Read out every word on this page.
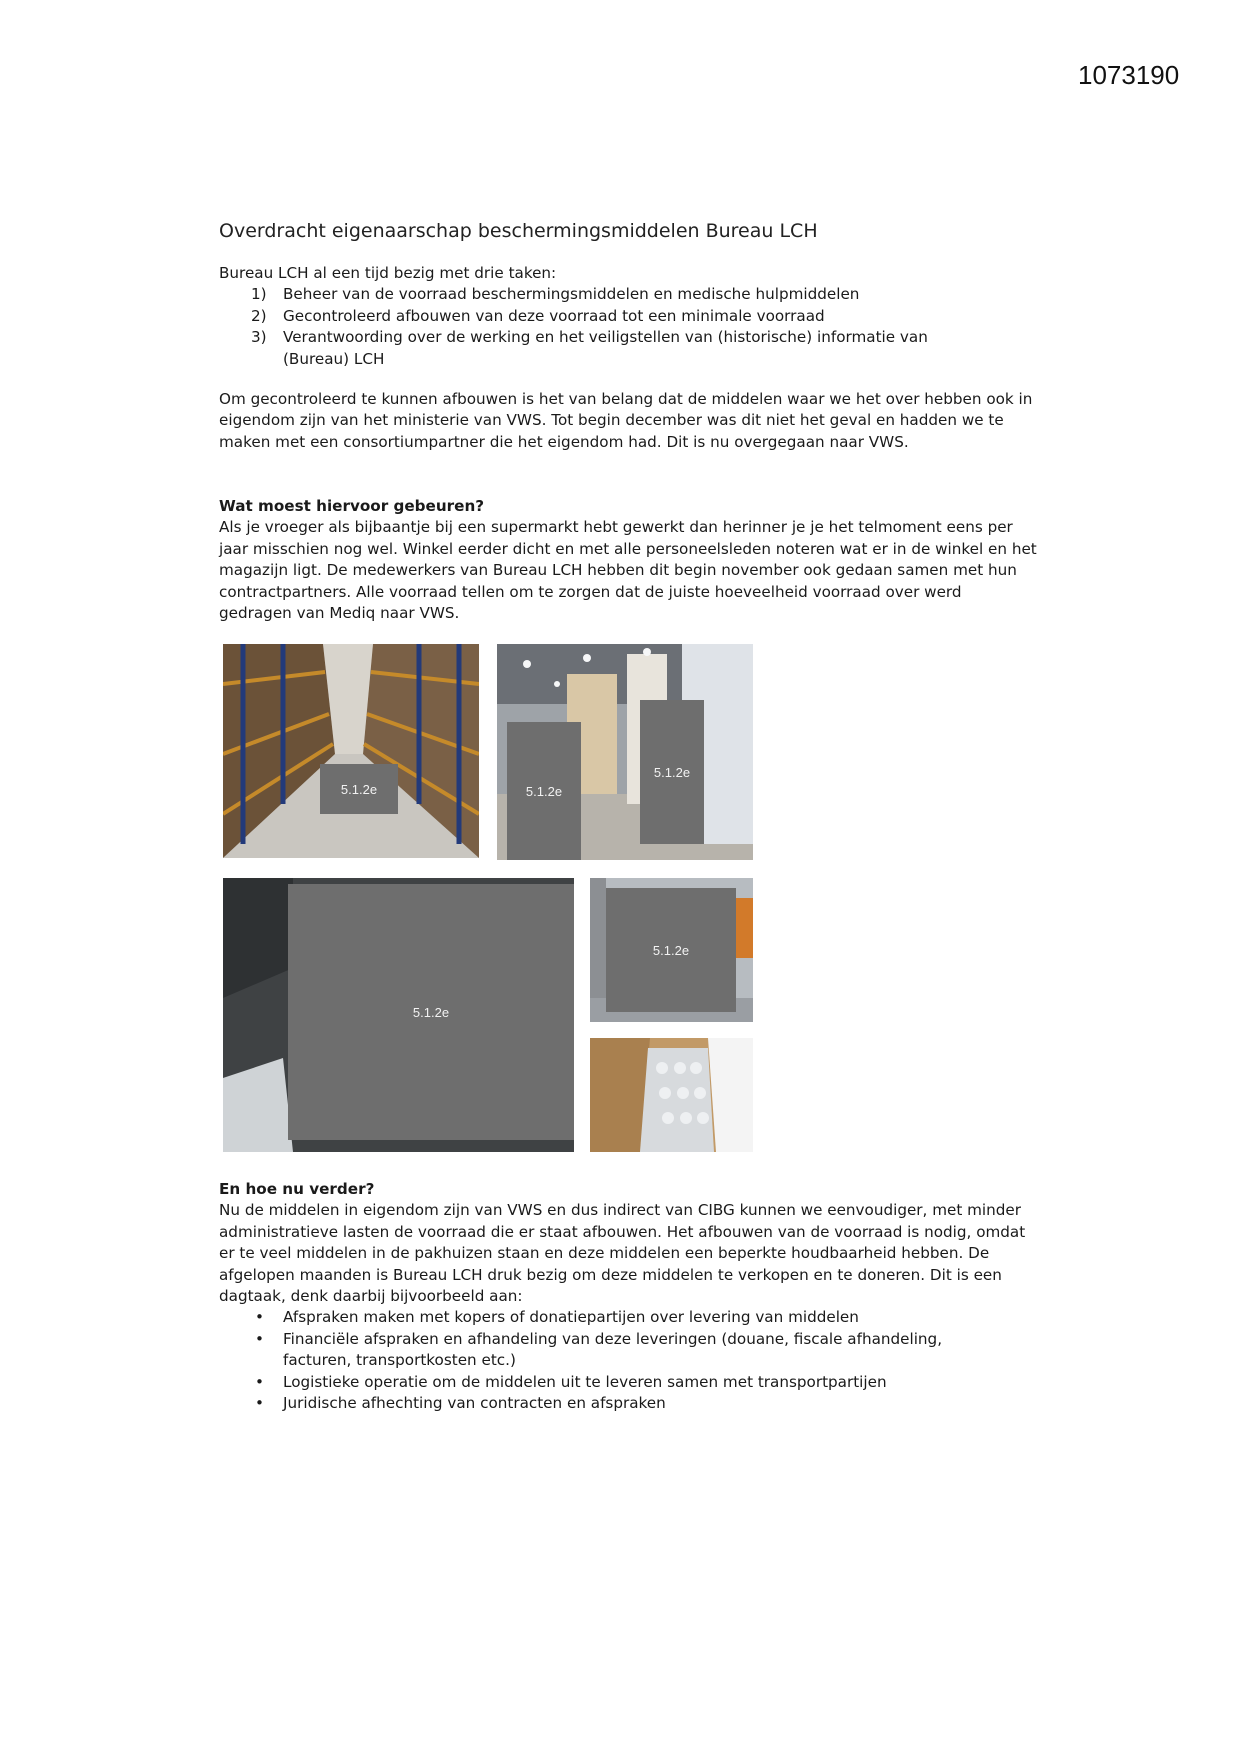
1073190
Overdracht eigenaarschap beschermingsmiddelen Bureau LCH

Bureau LCH al een tijd bezig met drie taken:

1) Beheer van de voorraad beschermingsmiddelen en medische hulpmiddelen
2) Gecontroleerd afbouwen van deze voorraad tot een minimale voorraad
3) Verantwoording over de werking en het veiligstellen van (historische) informatie van (Bureau) LCH

Om gecontroleerd te kunnen afbouwen is het van belang dat de middelen waar we het over hebben ook in eigendom zijn van het ministerie van VWS. Tot begin december was dit niet het geval en hadden we te maken met een consortiumpartner die het eigendom had. Dit is nu overgegaan naar VWS.

Wat moest hiervoor gebeuren?

Als je vroeger als bijbaantje bij een supermarkt hebt gewerkt dan herinner je je het telmoment eens per jaar misschien nog wel. Winkel eerder dicht en met alle personeelsleden noteren wat er in de winkel en het magazijn ligt. De medewerkers van Bureau LCH hebben dit begin november ook gedaan samen met hun contractpartners. Alle voorraad tellen om te zorgen dat de juiste hoeveelheid voorraad over werd gedragen van Mediq naar VWS.

5.1.2e	5.1.2e
5.1.2e
5.1.2e
5.1.2e

En hoe nu verder?

Nu de middelen in eigendom zijn van VWS en dus indirect van CIBG kunnen we eenvoudiger, met minder administratieve lasten de voorraad die er staat afbouwen. Het afbouwen van de voorraad is nodig, omdat er te veel middelen in de pakhuizen staan en deze middelen een beperkte houdbaarheid hebben. De afgelopen maanden is Bureau LCH druk bezig om deze middelen te verkopen en te doneren. Dit is een dagtaak, denk daarbij bijvoorbeeld aan:

• Afspraken maken met kopers of donatiepartijen over levering van middelen
• Financiële afspraken en afhandeling van deze leveringen (douane, fiscale afhandeling, facturen, transportkosten etc.)
• Logistieke operatie om de middelen uit te leveren samen met transportpartijen
• Juridische afhechting van contracten en afspraken
